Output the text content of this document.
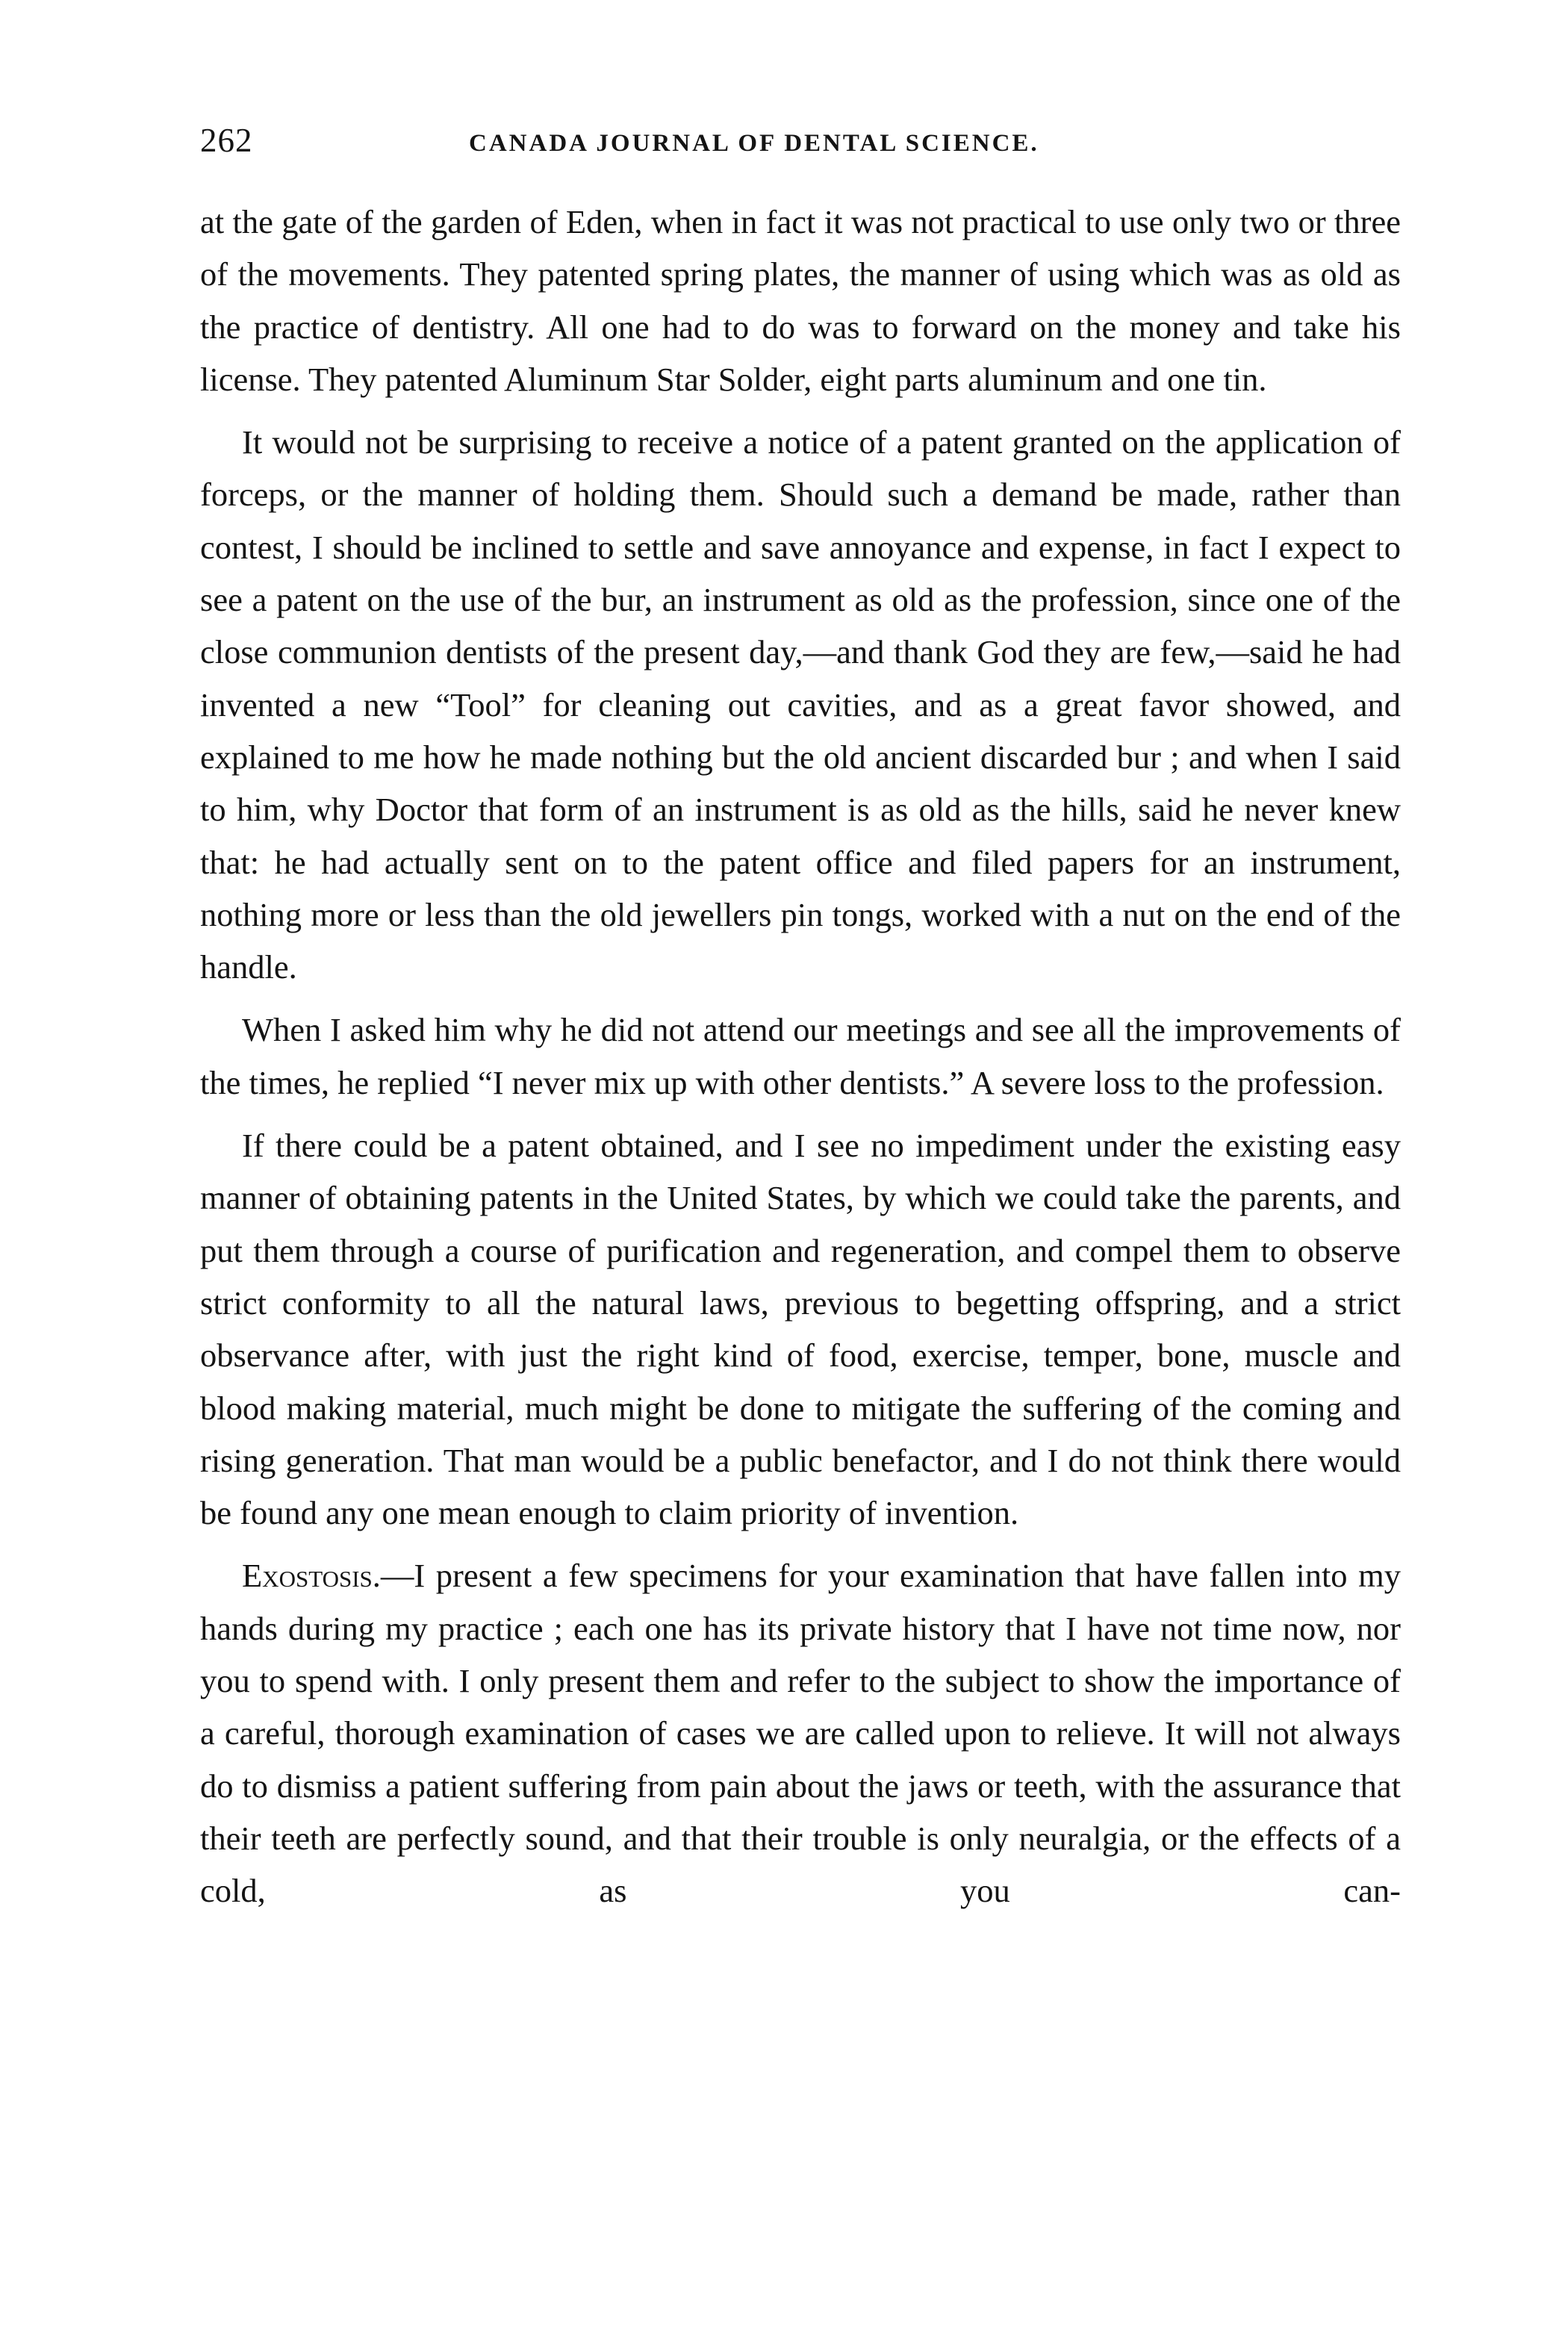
262	CANADA JOURNAL OF DENTAL SCIENCE.

at the gate of the garden of Eden, when in fact it was not practical to use only two or three of the movements. They patented spring plates, the manner of using which was as old as the practice of dentistry. All one had to do was to forward on the money and take his license. They patented Aluminum Star Solder, eight parts aluminum and one tin.

It would not be surprising to receive a notice of a patent granted on the application of forceps, or the manner of holding them. Should such a demand be made, rather than contest, I should be inclined to settle and save annoyance and expense, in fact I expect to see a patent on the use of the bur, an instrument as old as the profession, since one of the close communion dentists of the present day,—and thank God they are few,—said he had invented a new “Tool” for cleaning out cavities, and as a great favor showed, and explained to me how he made nothing but the old ancient discarded bur ; and when I said to him, why Doctor that form of an instrument is as old as the hills, said he never knew that: he had actually sent on to the patent office and filed papers for an instrument, nothing more or less than the old jewellers pin tongs, worked with a nut on the end of the handle.

When I asked him why he did not attend our meetings and see all the improvements of the times, he replied “I never mix up with other dentists.” A severe loss to the profession.

If there could be a patent obtained, and I see no impediment under the existing easy manner of obtaining patents in the United States, by which we could take the parents, and put them through a course of purification and regeneration, and compel them to observe strict conformity to all the natural laws, previous to begetting offspring, and a strict observance after, with just the right kind of food, exercise, temper, bone, muscle and blood making material, much might be done to mitigate the suffering of the coming and rising generation. That man would be a public benefactor, and I do not think there would be found any one mean enough to claim priority of invention.

Exostosis.—I present a few specimens for your examination that have fallen into my hands during my practice ; each one has its private history that I have not time now, nor you to spend with. I only present them and refer to the subject to show the importance of a careful, thorough examination of cases we are called upon to relieve. It will not always do to dismiss a patient suffering from pain about the jaws or teeth, with the assurance that their teeth are perfectly sound, and that their trouble is only neuralgia, or the effects of a cold, as you can-
